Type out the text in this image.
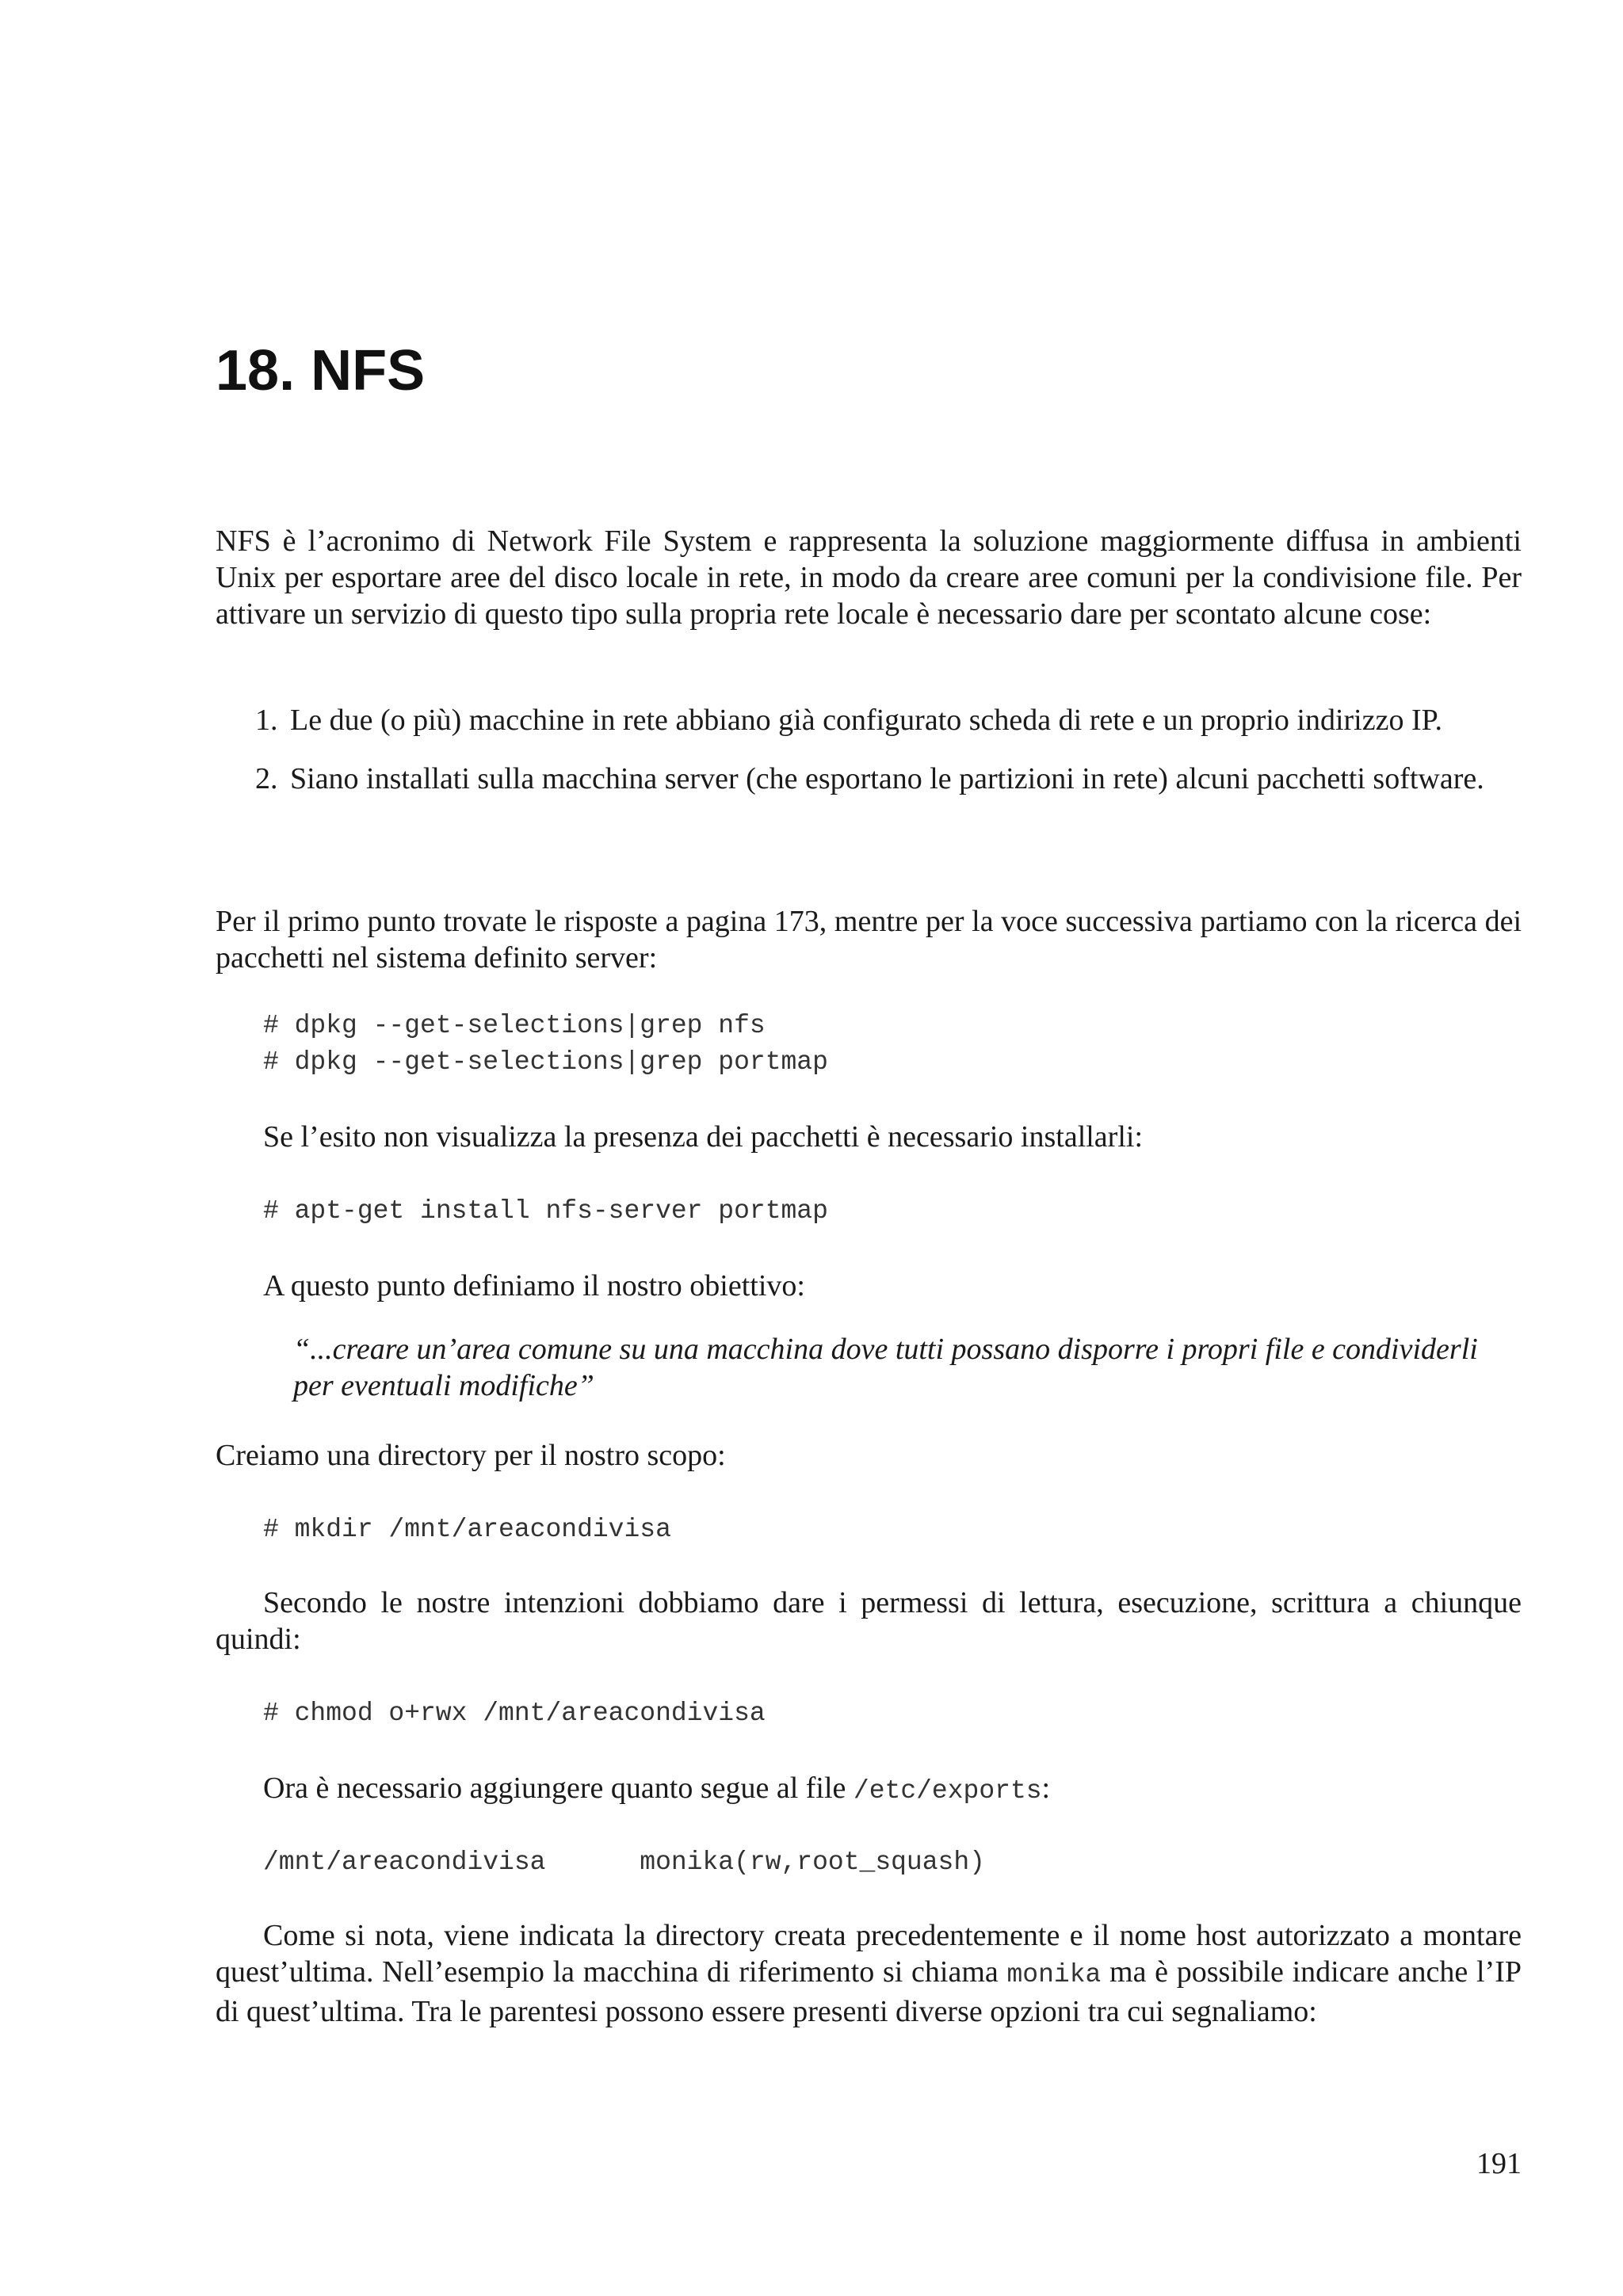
18. NFS

NFS è l’acronimo di Network File System e rappresenta la soluzione maggiormente diffusa in ambienti Unix per esportare aree del disco locale in rete, in modo da creare aree comuni per la condivisione file. Per attivare un servizio di questo tipo sulla propria rete locale è necessario dare per scontato alcune cose:

1. Le due (o più) macchine in rete abbiano già configurato scheda di rete e un proprio indirizzo IP.
2. Siano installati sulla macchina server (che esportano le partizioni in rete) alcuni pacchetti software.

Per il primo punto trovate le risposte a pagina 173, mentre per la voce successiva partiamo con la ricerca dei pacchetti nel sistema definito server:

# dpkg --get-selections|grep nfs
# dpkg --get-selections|grep portmap

Se l’esito non visualizza la presenza dei pacchetti è necessario installarli:

# apt-get install nfs-server portmap

A questo punto definiamo il nostro obiettivo:

“...creare un’area comune su una macchina dove tutti possano disporre i propri file e condividerli per eventuali modifiche”

Creiamo una directory per il nostro scopo:

# mkdir /mnt/areacondivisa

Secondo le nostre intenzioni dobbiamo dare i permessi di lettura, esecuzione, scrittura a chiunque quindi:

# chmod o+rwx /mnt/areacondivisa

Ora è necessario aggiungere quanto segue al file /etc/exports:

/mnt/areacondivisa      monika(rw,root_squash)

Come si nota, viene indicata la directory creata precedentemente e il nome host autorizzato a montare quest’ultima. Nell’esempio la macchina di riferimento si chiama monika ma è possibile indicare anche l’IP di quest’ultima. Tra le parentesi possono essere presenti diverse opzioni tra cui segnaliamo:

191
